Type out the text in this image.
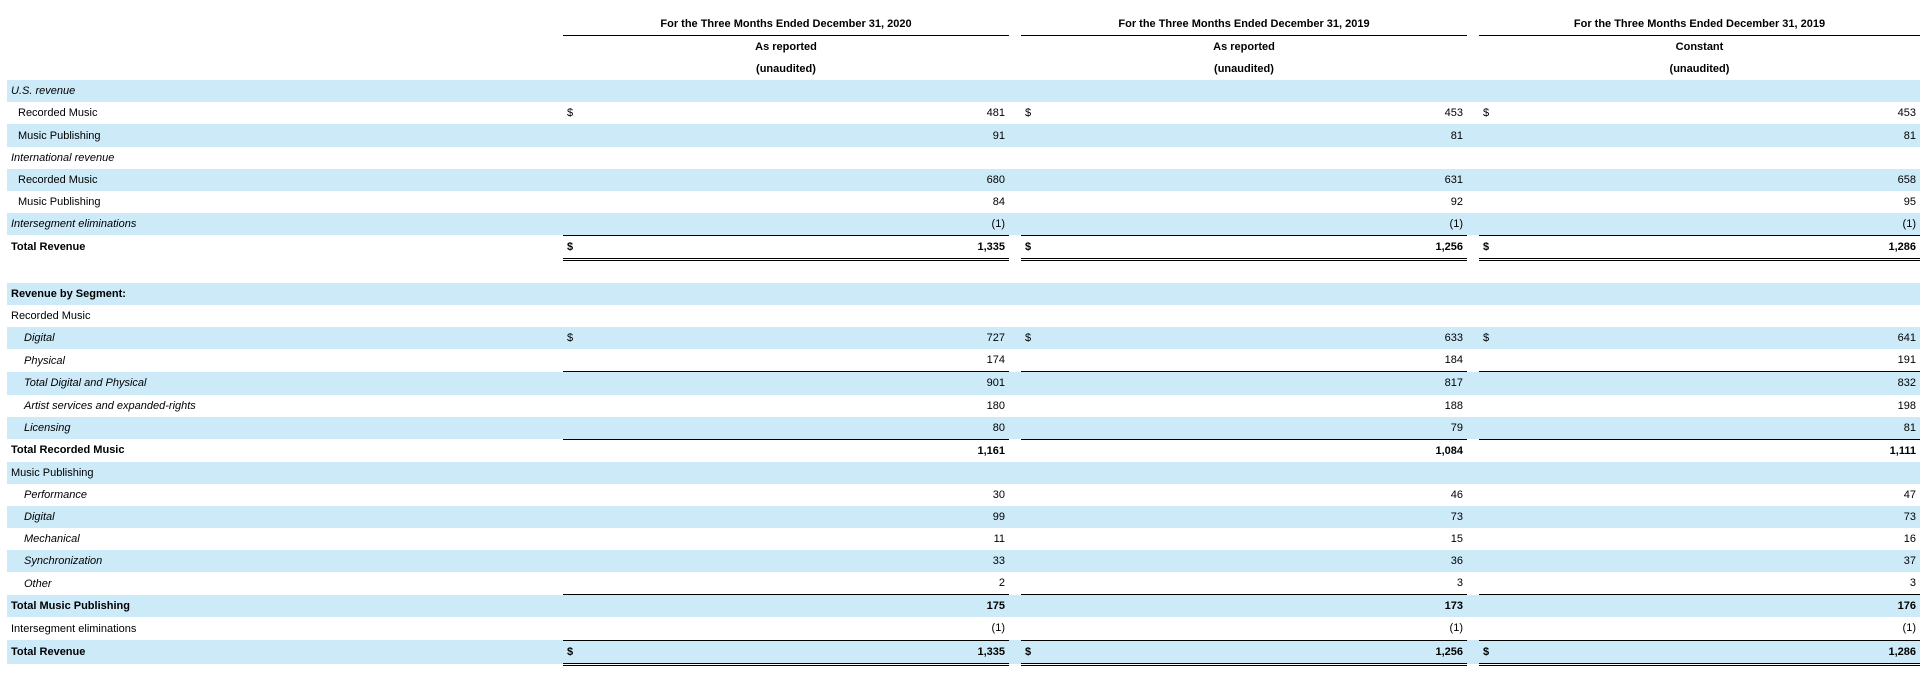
	For the Three Months Ended December 31, 2020			For the Three Months Ended December 31, 2019			For the Three Months Ended December 31, 2019	
	As reported			As reported			Constant	
	(unaudited)			(unaudited)			(unaudited)	
U.S. revenue								
Recorded Music	$	481		$	453		$	453
Music Publishing		91			81			81
International revenue								
Recorded Music		680			631			658
Music Publishing		84			92			95
Intersegment eliminations		(1)			(1)			(1)
Total Revenue	$	1,335		$	1,256		$	1,286

Revenue by Segment:								
Recorded Music								
Digital	$	727		$	633		$	641
Physical		174			184			191
Total Digital and Physical		901			817			832
Artist services and expanded-rights		180			188			198
Licensing		80			79			81
Total Recorded Music		1,161			1,084			1,111
Music Publishing								
Performance		30			46			47
Digital		99			73			73
Mechanical		11			15			16
Synchronization		33			36			37
Other		2			3			3
Total Music Publishing		175			173			176
Intersegment eliminations		(1)			(1)			(1)
Total Revenue	$	1,335		$	1,256		$	1,286
